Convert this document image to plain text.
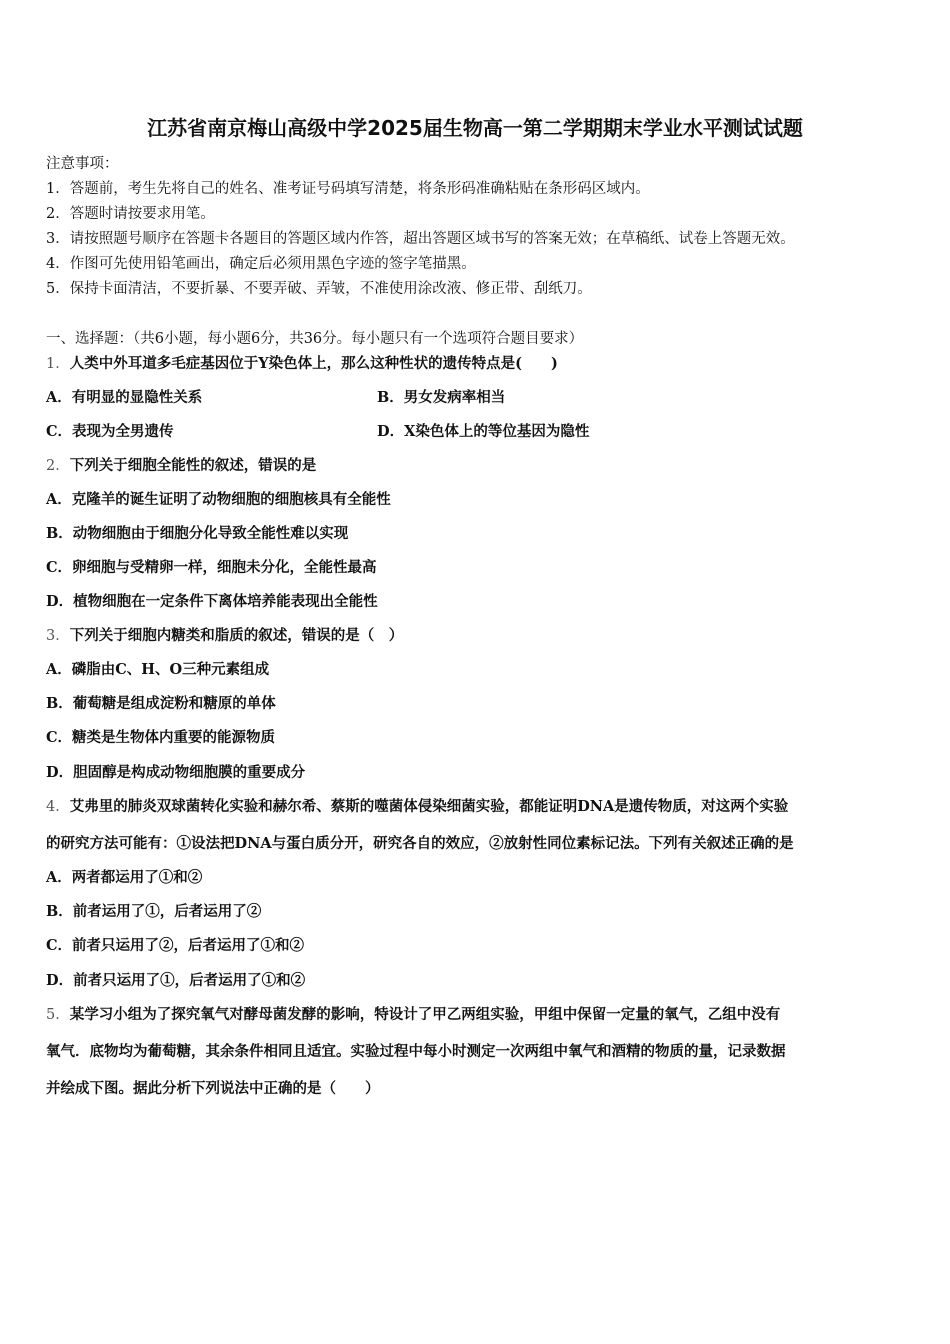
江苏省南京梅山高级中学2025届生物高一第二学期期末学业水平测试试题
注意事项：
1．答题前，考生先将自己的姓名、准考证号码填写清楚，将条形码准确粘贴在条形码区域内。
2．答题时请按要求用笔。
3．请按照题号顺序在答题卡各题目的答题区域内作答，超出答题区域书写的答案无效；在草稿纸、试卷上答题无效。
4．作图可先使用铅笔画出，确定后必须用黑色字迹的签字笔描黑。
5．保持卡面清洁，不要折暴、不要弄破、弄皱，不准使用涂改液、修正带、刮纸刀。
一、选择题：（共6小题，每小题6分，共36分。每小题只有一个选项符合题目要求）
1．人类中外耳道多毛症基因位于Y染色体上，那么这种性状的遗传特点是(　　)
A．有明显的显隐性关系	B．男女发病率相当
C．表现为全男遗传	D．X染色体上的等位基因为隐性
2．下列关于细胞全能性的叙述，错误的是
A．克隆羊的诞生证明了动物细胞的细胞核具有全能性
B．动物细胞由于细胞分化导致全能性难以实现
C．卵细胞与受精卵一样，细胞未分化，全能性最高
D．植物细胞在一定条件下离体培养能表现出全能性
3．下列关于细胞内糖类和脂质的叙述，错误的是（　）
A．磷脂由C、H、O三种元素组成
B．葡萄糖是组成淀粉和糖原的单体
C．糖类是生物体内重要的能源物质
D．胆固醇是构成动物细胞膜的重要成分
4．艾弗里的肺炎双球菌转化实验和赫尔希、蔡斯的噬菌体侵染细菌实验，都能证明DNA是遗传物质，对这两个实验
的研究方法可能有：①设法把DNA与蛋白质分开，研究各自的效应，②放射性同位素标记法。下列有关叙述正确的是
A．两者都运用了①和②
B．前者运用了①，后者运用了②
C．前者只运用了②，后者运用了①和②
D．前者只运用了①，后者运用了①和②
5．某学习小组为了探究氧气对酵母菌发酵的影响，特设计了甲乙两组实验，甲组中保留一定量的氧气，乙组中没有
氧气．底物均为葡萄糖，其余条件相同且适宜。实验过程中每小时测定一次两组中氧气和酒精的物质的量，记录数据
并绘成下图。据此分析下列说法中正确的是（　　）
